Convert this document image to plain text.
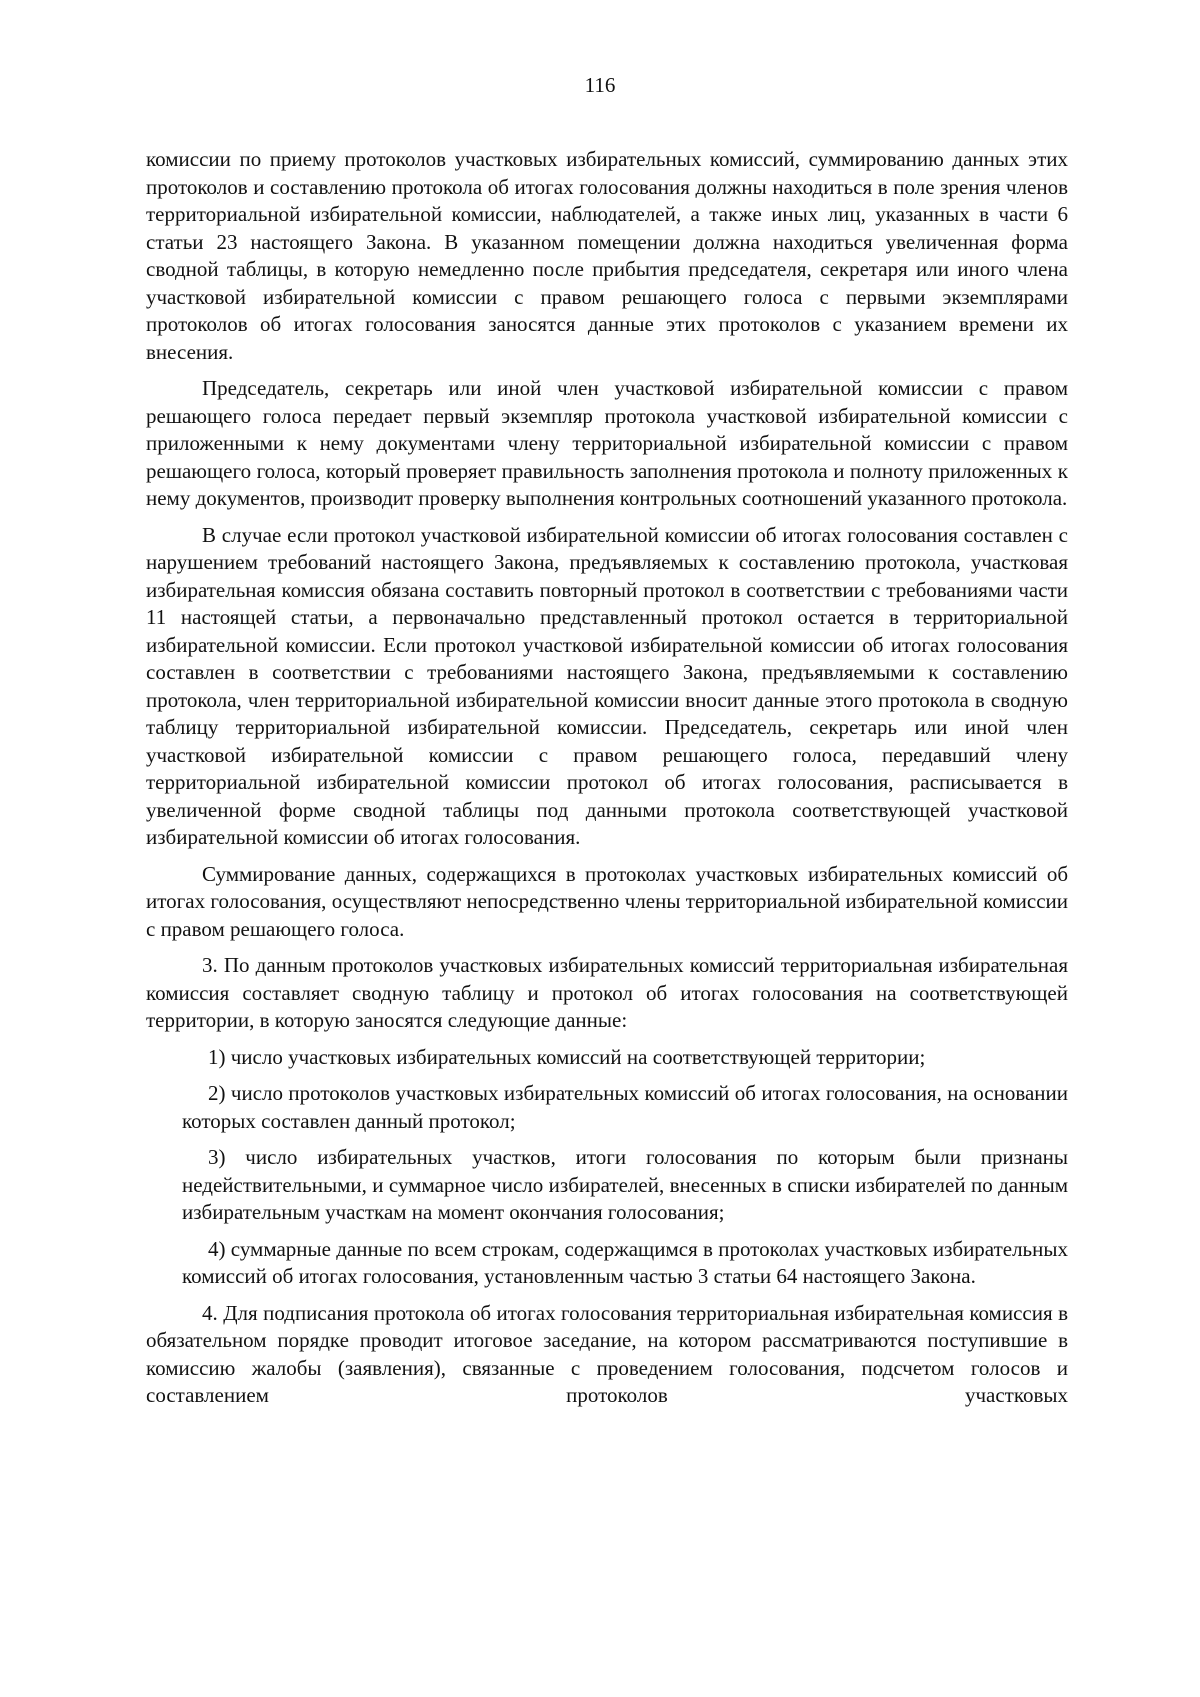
116

комиссии по приему протоколов участковых избирательных комиссий, суммированию данных этих протоколов и составлению протокола об итогах голосования должны находиться в поле зрения членов территориальной избирательной комиссии, наблюдателей, а также иных лиц, указанных в части 6 статьи 23 настоящего Закона. В указанном помещении должна находиться увеличенная форма сводной таблицы, в которую немедленно после прибытия председателя, секретаря или иного члена участковой избирательной комиссии с правом решающего голоса с первыми экземплярами протоколов об итогах голосования заносятся данные этих протоколов с указанием времени их внесения.

Председатель, секретарь или иной член участковой избирательной комиссии с правом решающего голоса передает первый экземпляр протокола участковой избирательной комиссии с приложенными к нему документами члену территориальной избирательной комиссии с правом решающего голоса, который проверяет правильность заполнения протокола и полноту приложенных к нему документов, производит проверку выполнения контрольных соотношений указанного протокола.

В случае если протокол участковой избирательной комиссии об итогах голосования составлен с нарушением требований настоящего Закона, предъявляемых к составлению протокола, участковая избирательная комиссия обязана составить повторный протокол в соответствии с требованиями части 11 настоящей статьи, а первоначально представленный протокол остается в территориальной избирательной комиссии. Если протокол участковой избирательной комиссии об итогах голосования составлен в соответствии с требованиями настоящего Закона, предъявляемыми к составлению протокола, член территориальной избирательной комиссии вносит данные этого протокола в сводную таблицу территориальной избирательной комиссии. Председатель, секретарь или иной член участковой избирательной комиссии с правом решающего голоса, передавший члену территориальной избирательной комиссии протокол об итогах голосования, расписывается в увеличенной форме сводной таблицы под данными протокола соответствующей участковой избирательной комиссии об итогах голосования.

Суммирование данных, содержащихся в протоколах участковых избирательных комиссий об итогах голосования, осуществляют непосредственно члены территориальной избирательной комиссии с правом решающего голоса.

3. По данным протоколов участковых избирательных комиссий территориальная избирательная комиссия составляет сводную таблицу и протокол об итогах голосования на соответствующей территории, в которую заносятся следующие данные:

1) число участковых избирательных комиссий на соответствующей территории;

2) число протоколов участковых избирательных комиссий об итогах голосования, на основании которых составлен данный протокол;

3) число избирательных участков, итоги голосования по которым были признаны недействительными, и суммарное число избирателей, внесенных в списки избирателей по данным избирательным участкам на момент окончания голосования;

4) суммарные данные по всем строкам, содержащимся в протоколах участковых избирательных комиссий об итогах голосования, установленным частью 3 статьи 64 настоящего Закона.

4. Для подписания протокола об итогах голосования территориальная избирательная комиссия в обязательном порядке проводит итоговое заседание, на котором рассматриваются поступившие в комиссию жалобы (заявления), связанные с проведением голосования, подсчетом голосов и составлением протоколов участковых
